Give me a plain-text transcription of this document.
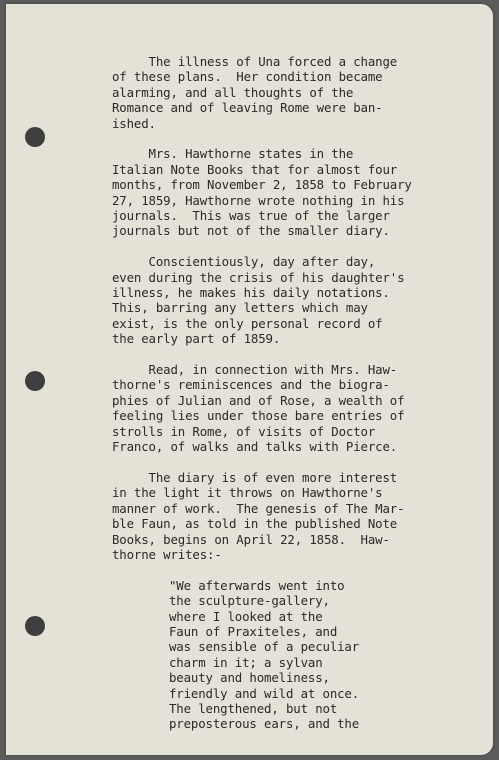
The illness of Una forced a change
of these plans.  Her condition became
alarming, and all thoughts of the
Romance and of leaving Rome were ban-
ished.

Mrs. Hawthorne states in the
Italian Note Books that for almost four
months, from November 2, 1858 to February
27, 1859, Hawthorne wrote nothing in his
journals.  This was true of the larger
journals but not of the smaller diary.

Conscientiously, day after day,
even during the crisis of his daughter's
illness, he makes his daily notations.
This, barring any letters which may
exist, is the only personal record of
the early part of 1859.

Read, in connection with Mrs. Haw-
thorne's reminiscences and the biogra-
phies of Julian and of Rose, a wealth of
feeling lies under those bare entries of
strolls in Rome, of visits of Doctor
Franco, of walks and talks with Pierce.

The diary is of even more interest
in the light it throws on Hawthorne's
manner of work.  The genesis of The Mar-
ble Faun, as told in the published Note
Books, begins on April 22, 1858.  Haw-
thorne writes:-

"We afterwards went into
the sculpture-gallery,
where I looked at the
Faun of Praxiteles, and
was sensible of a peculiar
charm in it; a sylvan
beauty and homeliness,
friendly and wild at once.
The lengthened, but not
preposterous ears, and the
